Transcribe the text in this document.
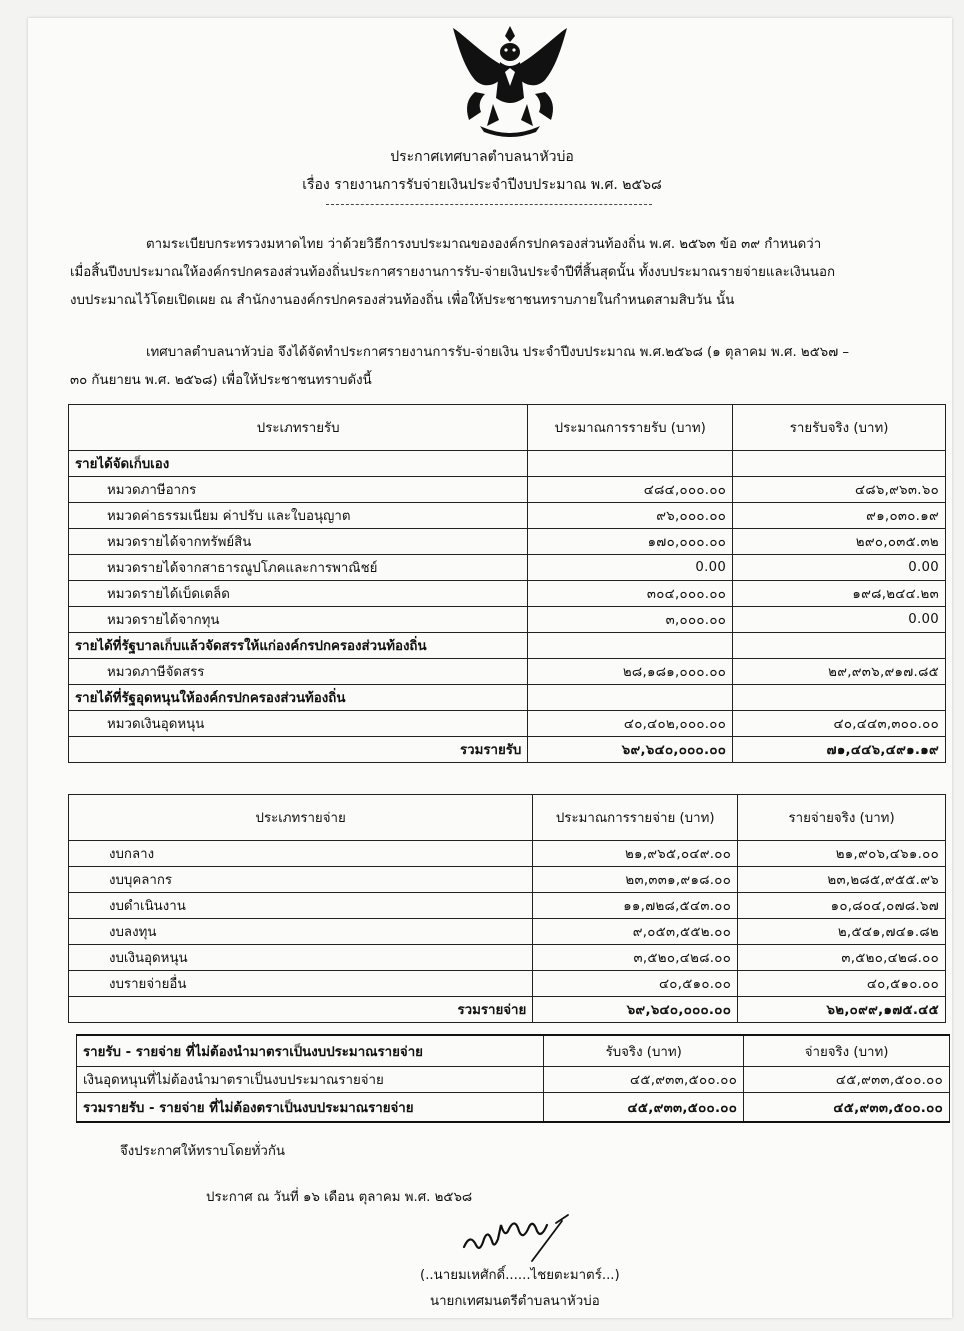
ประกาศเทศบาลตำบลนาหัวบ่อ
เรื่อง รายงานการรับจ่ายเงินประจำปีงบประมาณ พ.ศ. ๒๕๖๘
ตามระเบียบกระทรวงมหาดไทย ว่าด้วยวิธีการงบประมาณขององค์กรปกครองส่วนท้องถิ่น พ.ศ. ๒๕๖๓ ข้อ ๓๙ กำหนดว่า
เมื่อสิ้นปีงบประมาณให้องค์กรปกครองส่วนท้องถิ่นประกาศรายงานการรับ-จ่ายเงินประจำปีที่สิ้นสุดนั้น ทั้งงบประมาณรายจ่ายและเงินนอก
งบประมาณไว้โดยเปิดเผย ณ สำนักงานองค์กรปกครองส่วนท้องถิ่น เพื่อให้ประชาชนทราบภายในกำหนดสามสิบวัน นั้น
เทศบาลตำบลนาหัวบ่อ จึงได้จัดทำประกาศรายงานการรับ-จ่ายเงิน ประจำปีงบประมาณ พ.ศ.๒๕๖๘ (๑ ตุลาคม พ.ศ. ๒๕๖๗ –
๓๐ กันยายน พ.ศ. ๒๕๖๘) เพื่อให้ประชาชนทราบดังนี้
ประเภทรายรับ	ประมาณการรายรับ (บาท)	รายรับจริง (บาท)
รายได้จัดเก็บเอง		
หมวดภาษีอากร	๔๘๔,๐๐๐.๐๐	๔๘๖,๙๖๓.๖๐
หมวดค่าธรรมเนียม ค่าปรับ และใบอนุญาต	๙๖,๐๐๐.๐๐	๙๑,๐๓๐.๑๙
หมวดรายได้จากทรัพย์สิน	๑๗๐,๐๐๐.๐๐	๒๙๐,๐๓๕.๓๒
หมวดรายได้จากสาธารณูปโภคและการพาณิชย์	0.00	0.00
หมวดรายได้เบ็ดเตล็ด	๓๐๔,๐๐๐.๐๐	๑๙๘,๒๔๔.๒๓
หมวดรายได้จากทุน	๓,๐๐๐.๐๐	0.00
รายได้ที่รัฐบาลเก็บแล้วจัดสรรให้แก่องค์กรปกครองส่วนท้องถิ่น		
หมวดภาษีจัดสรร	๒๘,๑๘๑,๐๐๐.๐๐	๒๙,๙๓๖,๙๑๗.๘๕
รายได้ที่รัฐอุดหนุนให้องค์กรปกครองส่วนท้องถิ่น		
หมวดเงินอุดหนุน	๔๐,๔๐๒,๐๐๐.๐๐	๔๐,๔๔๓,๓๐๐.๐๐
รวมรายรับ	๖๙,๖๔๐,๐๐๐.๐๐	๗๑,๔๔๖,๔๙๑.๑๙
ประเภทรายจ่าย	ประมาณการรายจ่าย (บาท)	รายจ่ายจริง (บาท)
งบกลาง	๒๑,๙๖๕,๐๔๙.๐๐	๒๑,๙๐๖,๔๖๑.๐๐
งบบุคลากร	๒๓,๓๓๑,๙๑๘.๐๐	๒๓,๒๘๕,๙๕๕.๙๖
งบดำเนินงาน	๑๑,๗๒๘,๕๔๓.๐๐	๑๐,๘๐๔,๐๗๘.๖๗
งบลงทุน	๙,๐๕๓,๕๕๒.๐๐	๒,๕๔๑,๗๔๑.๘๒
งบเงินอุดหนุน	๓,๕๒๐,๔๒๘.๐๐	๓,๕๒๐,๔๒๘.๐๐
งบรายจ่ายอื่น	๔๐,๕๑๐.๐๐	๔๐,๕๑๐.๐๐
รวมรายจ่าย	๖๙,๖๔๐,๐๐๐.๐๐	๖๒,๐๙๙,๑๗๕.๔๕
รายรับ - รายจ่าย ที่ไม่ต้องนำมาตราเป็นงบประมาณรายจ่าย	รับจริง (บาท)	จ่ายจริง (บาท)
เงินอุดหนุนที่ไม่ต้องนำมาตราเป็นงบประมาณรายจ่าย	๔๕,๙๓๓,๕๐๐.๐๐	๔๕,๙๓๓,๕๐๐.๐๐
รวมรายรับ - รายจ่าย ที่ไม่ต้องตราเป็นงบประมาณรายจ่าย	๔๕,๙๓๓,๕๐๐.๐๐	๔๕,๙๓๓,๕๐๐.๐๐
จึงประกาศให้ทราบโดยทั่วกัน
ประกาศ ณ วันที่ ๑๖ เดือน ตุลาคม พ.ศ. ๒๕๖๘
(..นายมเหศักดิ์......ไชยตะมาตร์...)
นายกเทศมนตรีตำบลนาหัวบ่อ
